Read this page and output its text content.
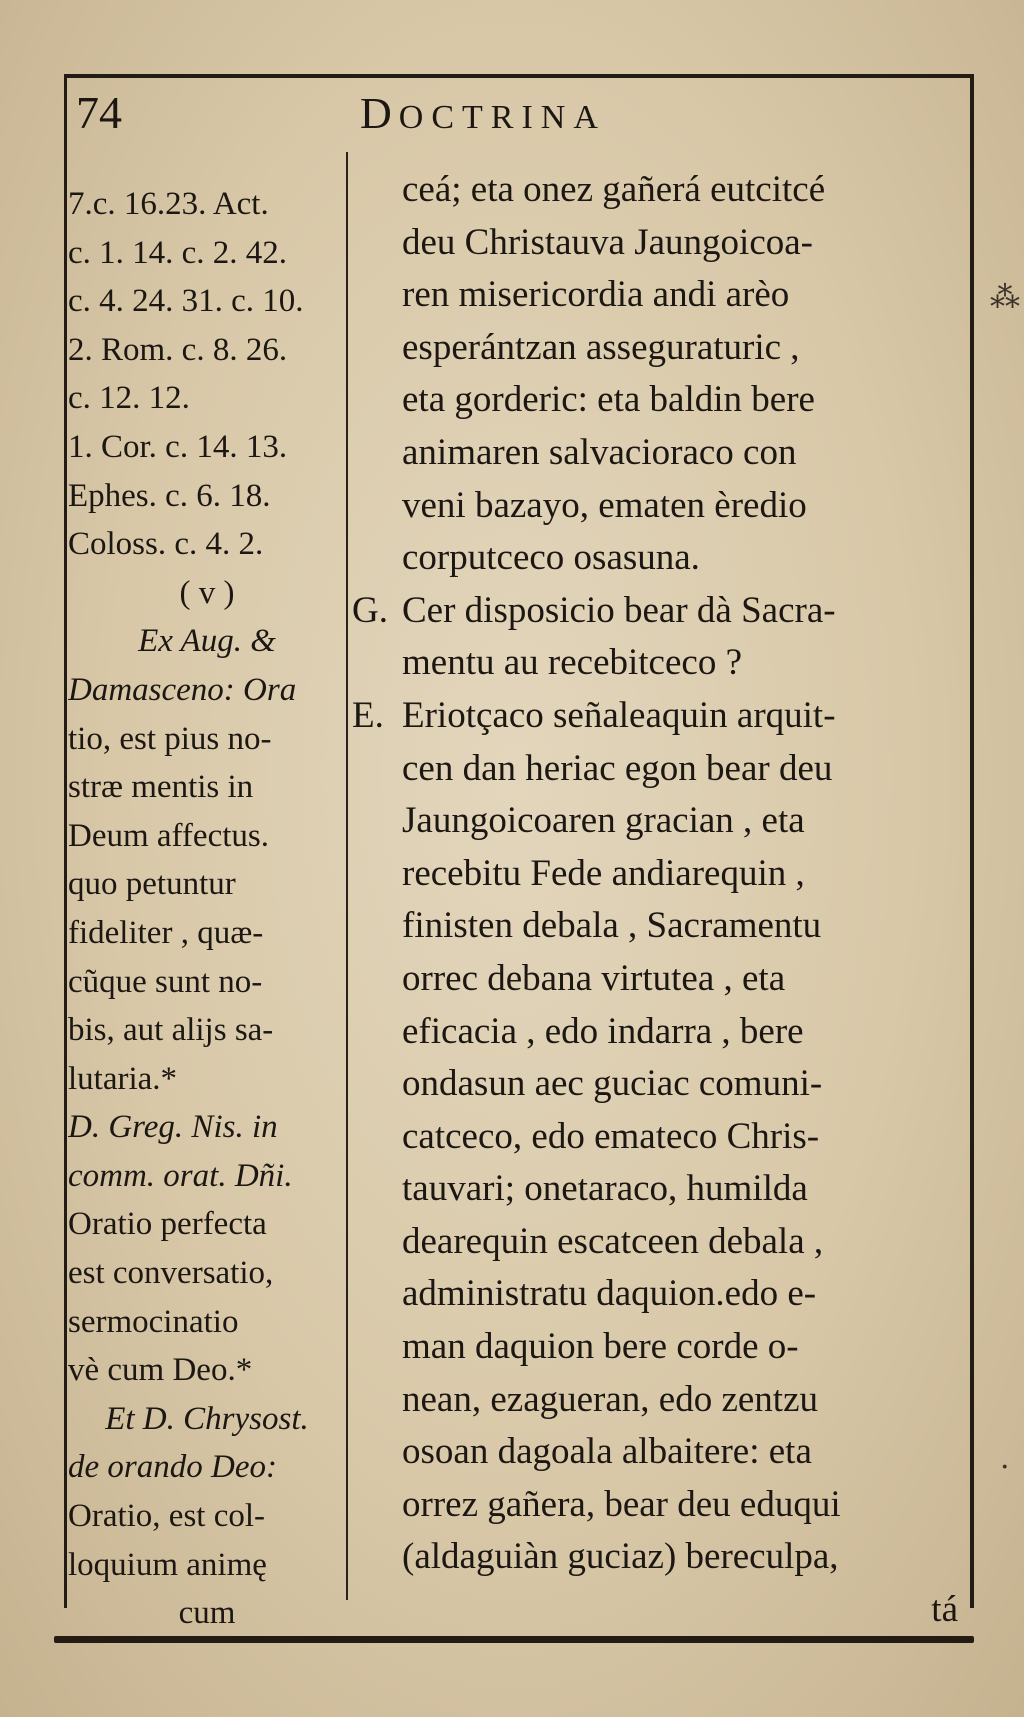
74	DOCTRINA
7.c. 16.23. Act.
c. 1. 14. c. 2. 42.
c. 4. 24. 31. c. 10.
2. Rom. c. 8. 26.
c. 12. 12.
1. Cor. c. 14. 13.
Ephes. c. 6. 18.
Coloss. c. 4. 2.
( v )
Ex Aug. &
Damasceno: Ora
tio, est pius no-
stræ mentis in
Deum affectus.
quo petuntur
fideliter , quæ-
cũque sunt no-
bis, aut alijs sa-
lutaria.*
D. Greg. Nis. in
comm. orat. Dñi.
Oratio perfecta
est conversatio,
sermocinatio
vè cum Deo.*
Et D. Chrysost.
de orando Deo:
Oratio, est col-
loquium animę
cum
ceá; eta onez gañerá eutcitcé
deu Christauva Jaungoicoa-
ren misericordia andi arèo
esperántzan asseguraturic ,
eta gorderic: eta baldin bere
animaren salvacioraco con
veni bazayo, ematen èredio
corputceco osasuna.
G. Cer disposicio bear dà Sacra-
mentu au recebitceco ?
E. Eriotçaco señaleaquin arquit-
cen dan heriac egon bear deu
Jaungoicoaren gracian , eta
recebitu Fede andiarequin ,
finisten debala , Sacramentu
orrec debana virtutea , eta
eficacia , edo indarra , bere
ondasun aec guciac comuni-
catceco, edo emateco Chris-
tauvari; onetaraco, humilda
dearequin escatceen debala ,
administratu daquion.edo e-
man daquion bere corde o-
nean, ezagueran, edo zentzu
osoan dagoala albaitere: eta
orrez gañera, bear deu eduqui
(aldaguiàn guciaz) bereculpa,
tá
⁂
·
